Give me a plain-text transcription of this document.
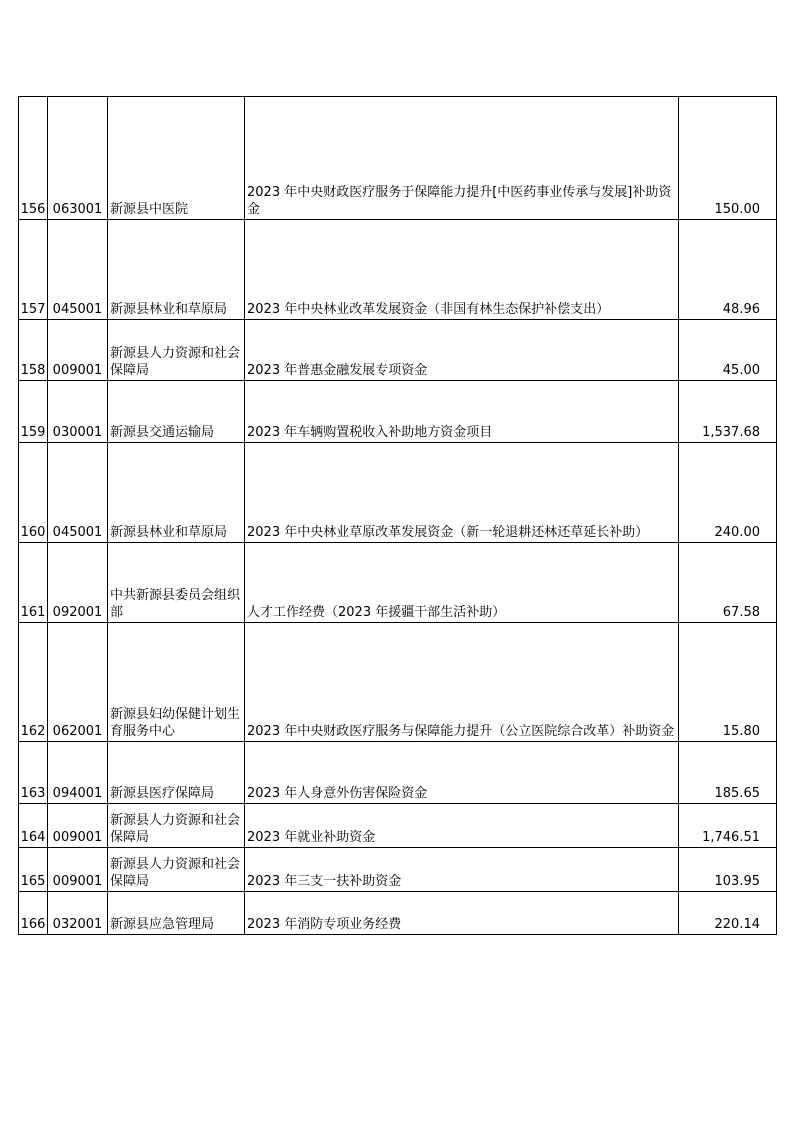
156	063001	新源县中医院	2023 年中央财政医疗服务于保障能力提升[中医药事业传承与发展]补助资金	150.00
157	045001	新源县林业和草原局	2023 年中央林业改革发展资金（非国有林生态保护补偿支出）	48.96
158	009001	新源县人力资源和社会保障局	2023 年普惠金融发展专项资金	45.00
159	030001	新源县交通运输局	2023 年车辆购置税收入补助地方资金项目	1,537.68
160	045001	新源县林业和草原局	2023 年中央林业草原改革发展资金（新一轮退耕还林还草延长补助）	240.00
161	092001	中共新源县委员会组织部	人才工作经费（2023 年援疆干部生活补助）	67.58
162	062001	新源县妇幼保健计划生育服务中心	2023 年中央财政医疗服务与保障能力提升（公立医院综合改革）补助资金	15.80
163	094001	新源县医疗保障局	2023 年人身意外伤害保险资金	185.65
164	009001	新源县人力资源和社会保障局	2023 年就业补助资金	1,746.51
165	009001	新源县人力资源和社会保障局	2023 年三支一扶补助资金	103.95
166	032001	新源县应急管理局	2023 年消防专项业务经费	220.14
